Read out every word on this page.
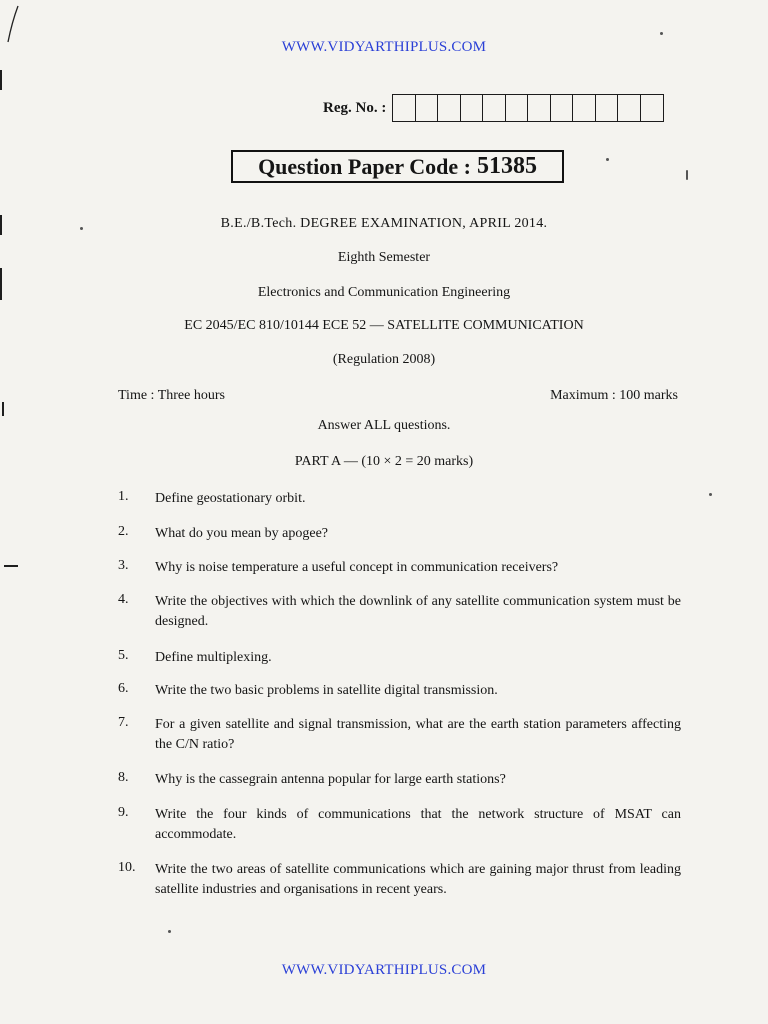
WWW.VIDYARTHIPLUS.COM
Reg. No. :
Question Paper Code : 51385
B.E./B.Tech. DEGREE EXAMINATION, APRIL 2014.
Eighth Semester
Electronics and Communication Engineering
EC 2045/EC 810/10144 ECE 52 — SATELLITE COMMUNICATION
(Regulation 2008)
Time : Three hours	Maximum : 100 marks
Answer ALL questions.
PART A — (10 × 2 = 20 marks)
1.	Define geostationary orbit.
2.	What do you mean by apogee?
3.	Why is noise temperature a useful concept in communication receivers?
4.	Write the objectives with which the downlink of any satellite communication system must be designed.
5.	Define multiplexing.
6.	Write the two basic problems in satellite digital transmission.
7.	For a given satellite and signal transmission, what are the earth station parameters affecting the C/N ratio?
8.	Why is the cassegrain antenna popular for large earth stations?
9.	Write the four kinds of communications that the network structure of MSAT can accommodate.
10. Write the two areas of satellite communications which are gaining major thrust from leading satellite industries and organisations in recent years.
WWW.VIDYARTHIPLUS.COM
